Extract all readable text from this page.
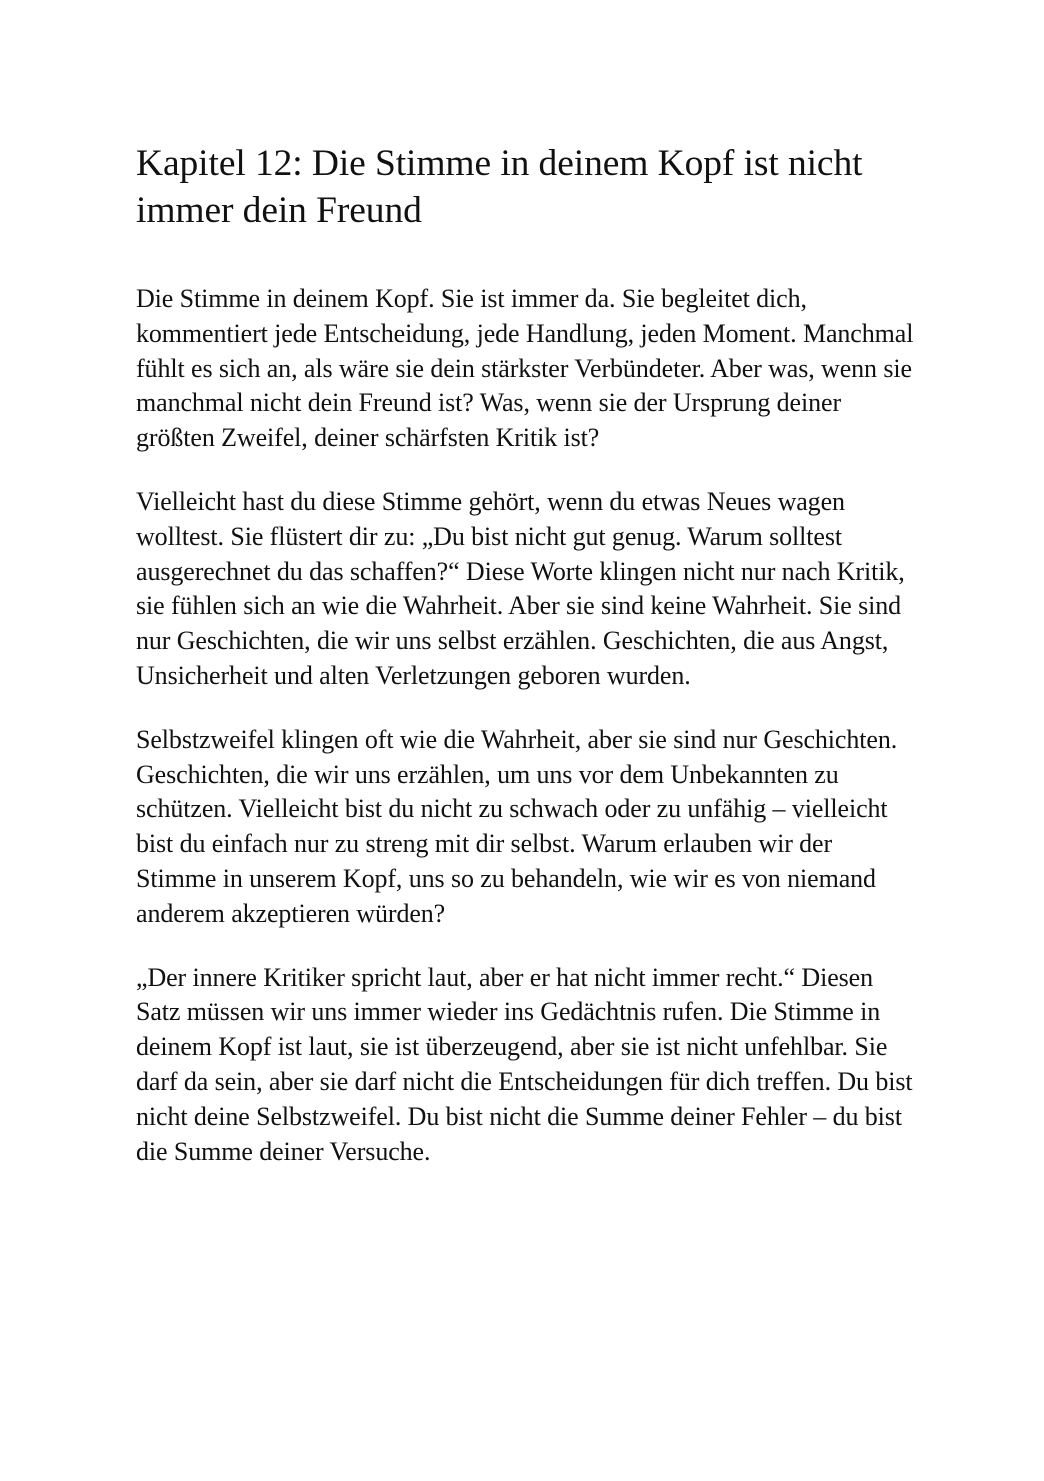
Kapitel 12: Die Stimme in deinem Kopf ist nicht immer dein Freund

Die Stimme in deinem Kopf. Sie ist immer da. Sie begleitet dich, kommentiert jede Entscheidung, jede Handlung, jeden Moment. Manchmal fühlt es sich an, als wäre sie dein stärkster Verbündeter. Aber was, wenn sie manchmal nicht dein Freund ist? Was, wenn sie der Ursprung deiner größten Zweifel, deiner schärfsten Kritik ist?

Vielleicht hast du diese Stimme gehört, wenn du etwas Neues wagen wolltest. Sie flüstert dir zu: „Du bist nicht gut genug. Warum solltest ausgerechnet du das schaffen?“ Diese Worte klingen nicht nur nach Kritik, sie fühlen sich an wie die Wahrheit. Aber sie sind keine Wahrheit. Sie sind nur Geschichten, die wir uns selbst erzählen. Geschichten, die aus Angst, Unsicherheit und alten Verletzungen geboren wurden.

Selbstzweifel klingen oft wie die Wahrheit, aber sie sind nur Geschichten. Geschichten, die wir uns erzählen, um uns vor dem Unbekannten zu schützen. Vielleicht bist du nicht zu schwach oder zu unfähig – vielleicht bist du einfach nur zu streng mit dir selbst. Warum erlauben wir der Stimme in unserem Kopf, uns so zu behandeln, wie wir es von niemand anderem akzeptieren würden?

„Der innere Kritiker spricht laut, aber er hat nicht immer recht.“ Diesen Satz müssen wir uns immer wieder ins Gedächtnis rufen. Die Stimme in deinem Kopf ist laut, sie ist überzeugend, aber sie ist nicht unfehlbar. Sie darf da sein, aber sie darf nicht die Entscheidungen für dich treffen. Du bist nicht deine Selbstzweifel. Du bist nicht die Summe deiner Fehler – du bist die Summe deiner Versuche.
